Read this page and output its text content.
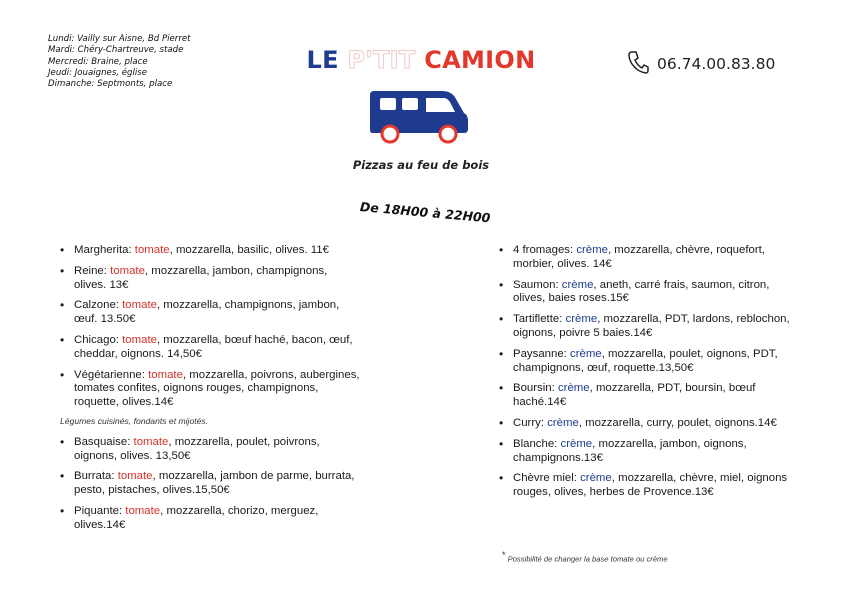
Lundi: Vailly sur Aisne, Bd Pierret
Mardi: Chéry-Chartreuve, stade
Mercredi: Braine, place
Jeudi: Jouaignes, église
Dimanche: Septmonts, place
LE P'TIT CAMION	06.74.00.83.80
Pizzas au feu de bois
De 18H00 à 22H00
• Margherita: tomate, mozzarella, basilic, olives. 11€
• Reine: tomate, mozzarella, jambon, champignons, olives. 13€
• Calzone: tomate, mozzarella, champignons, jambon, œuf. 13.50€
• Chicago: tomate, mozzarella, bœuf haché, bacon, œuf, cheddar, oignons. 14,50€
• Végétarienne: tomate, mozzarella, poivrons, aubergines, tomates confites, oignons rouges, champignons, roquette, olives.14€
Légumes cuisinés, fondants et mijotés.
• Basquaise: tomate, mozzarella, poulet, poivrons, oignons, olives. 13,50€
• Burrata: tomate, mozzarella, jambon de parme, burrata, pesto, pistaches, olives.15,50€
• Piquante: tomate, mozzarella, chorizo, merguez, olives.14€
• 4 fromages: crème, mozzarella, chèvre, roquefort, morbier, olives. 14€
• Saumon: crème, aneth, carré frais, saumon, citron, olives, baies roses.15€
• Tartiflette: crème, mozzarella, PDT, lardons, reblochon, oignons, poivre 5 baies.14€
• Paysanne: crème, mozzarella, poulet, oignons, PDT, champignons, œuf, roquette.13,50€
• Boursin: crème, mozzarella, PDT, boursin, bœuf haché.14€
• Curry: crème, mozzarella, curry, poulet, oignons.14€
• Blanche: crème, mozzarella, jambon, oignons, champignons.13€
• Chèvre miel: crème, mozzarella, chèvre, miel, oignons rouges, olives, herbes de Provence.13€
* Possibilité de changer la base tomate ou crème
